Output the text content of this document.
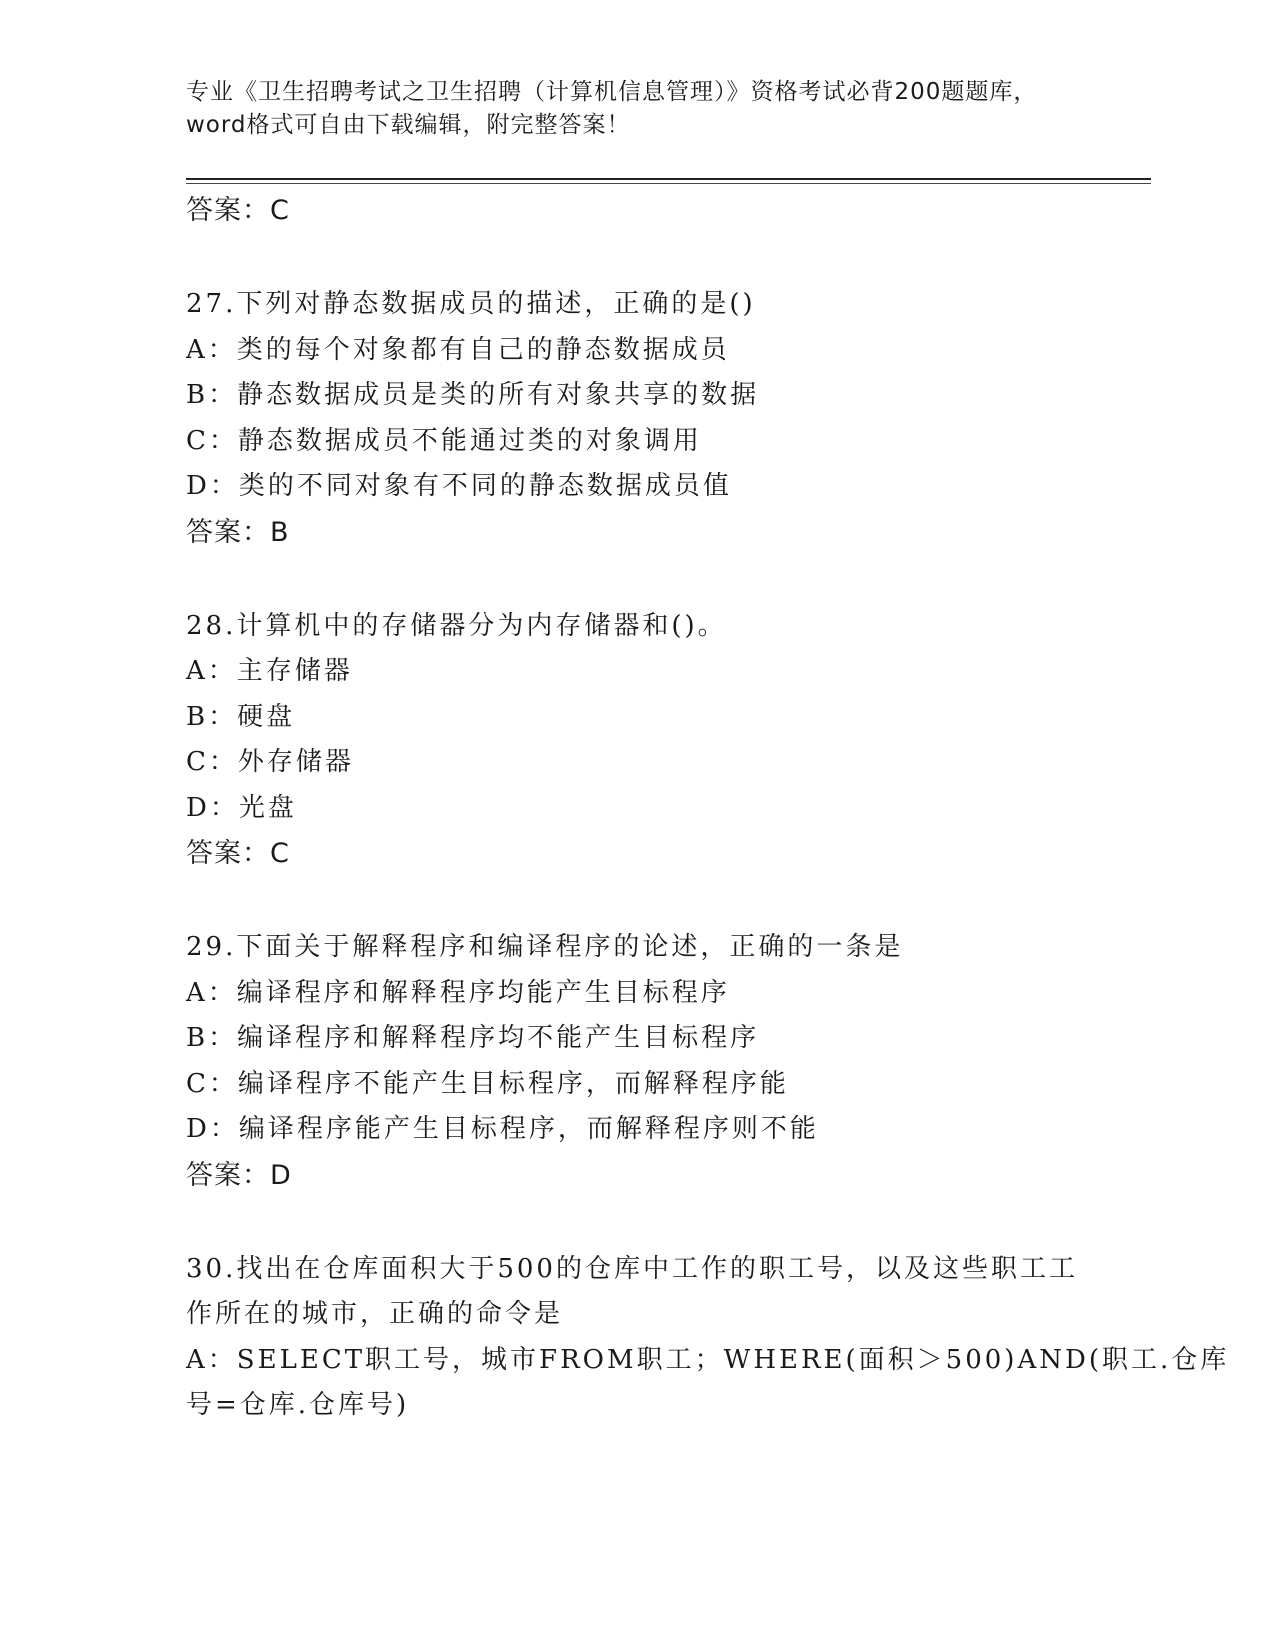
专业《卫生招聘考试之卫生招聘（计算机信息管理）》资格考试必背200题题库，
word格式可自由下载编辑，附完整答案！
答案：C
27.下列对静态数据成员的描述，正确的是()
A：类的每个对象都有自己的静态数据成员
B：静态数据成员是类的所有对象共享的数据
C：静态数据成员不能通过类的对象调用
D：类的不同对象有不同的静态数据成员值
答案：B
28.计算机中的存储器分为内存储器和()。
A：主存储器
B：硬盘
C：外存储器
D：光盘
答案：C
29.下面关于解释程序和编译程序的论述，正确的一条是
A：编译程序和解释程序均能产生目标程序
B：编译程序和解释程序均不能产生目标程序
C：编译程序不能产生目标程序，而解释程序能
D：编译程序能产生目标程序，而解释程序则不能
答案：D
30.找出在仓库面积大于500的仓库中工作的职工号，以及这些职工工
作所在的城市，正确的命令是
A：SELECT职工号，城市FROM职工；WHERE(面积＞500)AND(职工.仓库
号=仓库.仓库号)
